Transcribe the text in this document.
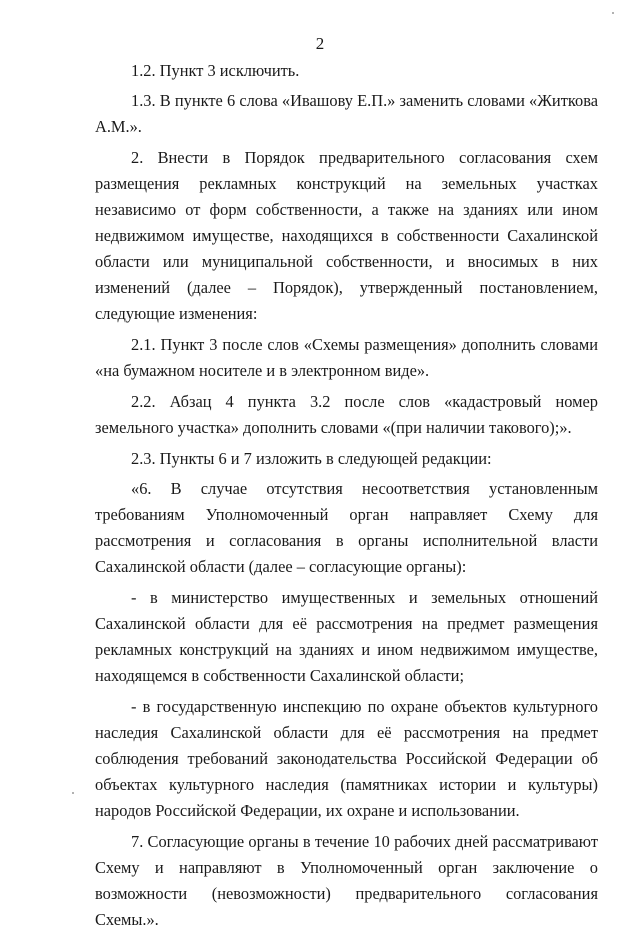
2

1.2. Пункт 3 исключить.

1.3. В пункте 6 слова «Ивашову Е.П.» заменить словами «Житкова А.М.».

2. Внести в Порядок предварительного согласования схем размещения рекламных конструкций на земельных участках независимо от форм собственности, а также на зданиях или ином недвижимом имуществе, находящихся в собственности Сахалинской области или муниципальной собственности, и вносимых в них изменений (далее – Порядок), утвержденный постановлением, следующие изменения:

2.1. Пункт 3 после слов «Схемы размещения» дополнить словами «на бумажном носителе и в электронном виде».

2.2. Абзац 4 пункта 3.2 после слов «кадастровый номер земельного участка» дополнить словами «(при наличии такового);».

2.3. Пункты 6 и 7 изложить в следующей редакции:

«6. В случае отсутствия несоответствия установленным требованиям Уполномоченный орган направляет Схему для рассмотрения и согласования в органы исполнительной власти Сахалинской области (далее – согласующие органы):

- в министерство имущественных и земельных отношений Сахалинской области для её рассмотрения на предмет размещения рекламных конструкций на зданиях и ином недвижимом имуществе, находящемся в собственности Сахалинской области;

- в государственную инспекцию по охране объектов культурного наследия Сахалинской области для её рассмотрения на предмет соблюдения требований законодательства Российской Федерации об объектах культурного наследия (памятниках истории и культуры) народов Российской Федерации, их охране и использовании.

7. Согласующие органы в течение 10 рабочих дней рассматривают Схему и направляют в Уполномоченный орган заключение о возможности (невозможности) предварительного согласования Схемы.».
